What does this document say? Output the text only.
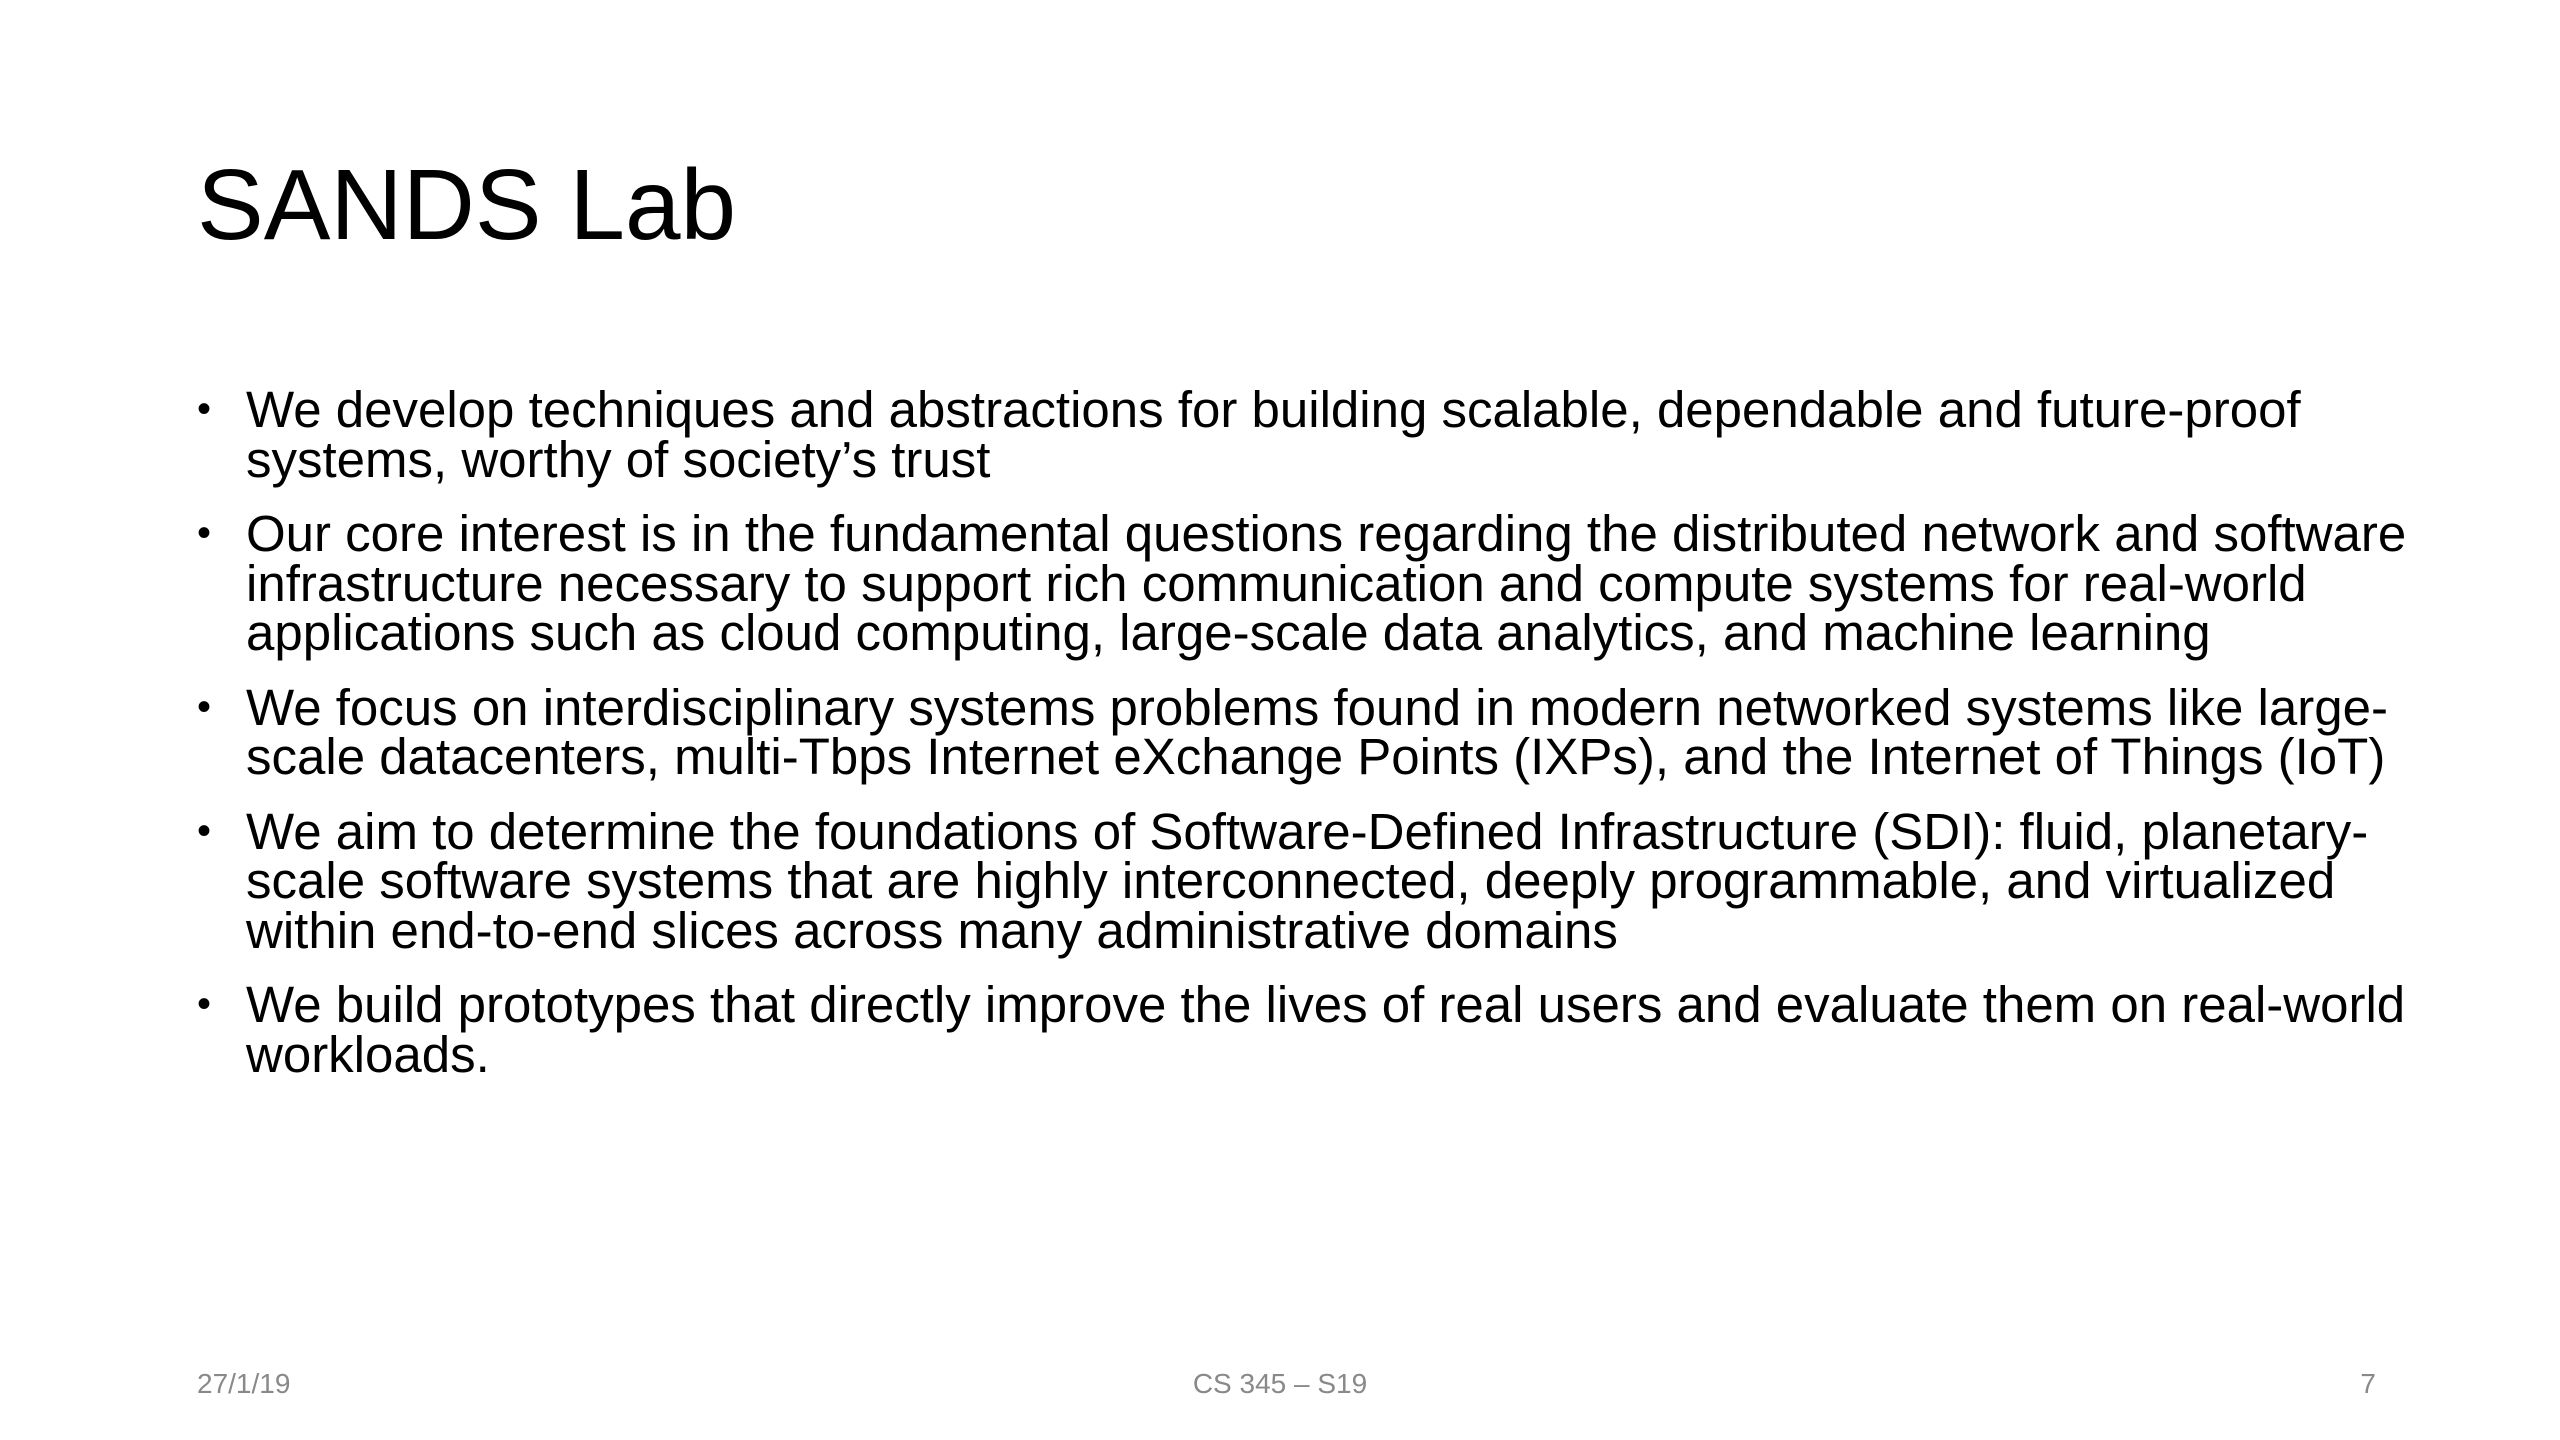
SANDS Lab
• We develop techniques and abstractions for building scalable, dependable and future-proof systems, worthy of society’s trust
• Our core interest is in the fundamental questions regarding the distributed network and software infrastructure necessary to support rich communication and compute systems for real-world applications such as cloud computing, large-scale data analytics, and machine learning
• We focus on interdisciplinary systems problems found in modern networked systems like large-scale datacenters, multi-Tbps Internet eXchange Points (IXPs), and the Internet of Things (IoT)
• We aim to determine the foundations of Software-Defined Infrastructure (SDI): fluid, planetary-scale software systems that are highly interconnected, deeply programmable, and virtualized within end-to-end slices across many administrative domains
• We build prototypes that directly improve the lives of real users and evaluate them on real-world workloads.
27/1/19	CS 345 – S19	7
